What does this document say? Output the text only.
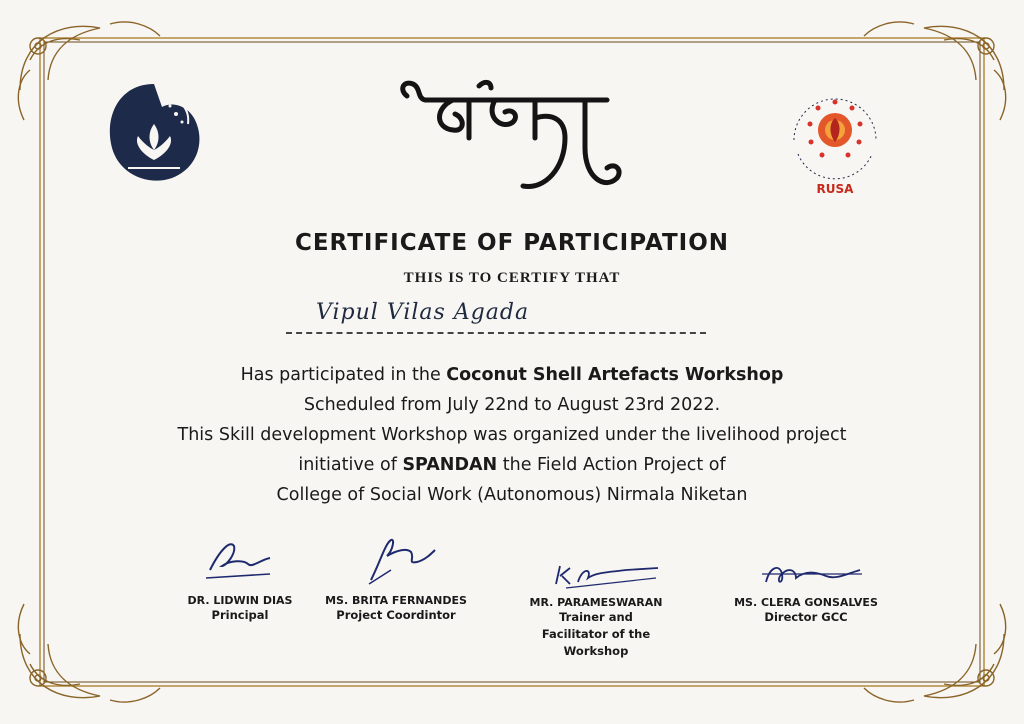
RUSA
CERTIFICATE OF PARTICIPATION
THIS IS TO CERTIFY THAT
Vipul Vilas Agada
Has participated in the Coconut Shell Artefacts Workshop
Scheduled from July 22nd to August 23rd 2022.
This Skill development Workshop was organized under the livelihood project
initiative of SPANDAN the Field Action Project of
College of Social Work (Autonomous) Nirmala Niketan
DR. LIDWIN DIAS
Principal
MS. BRITA FERNANDES
Project Coordintor
MR. PARAMESWARAN
Trainer and
Facilitator of the
Workshop
MS. CLERA GONSALVES
Director GCC
